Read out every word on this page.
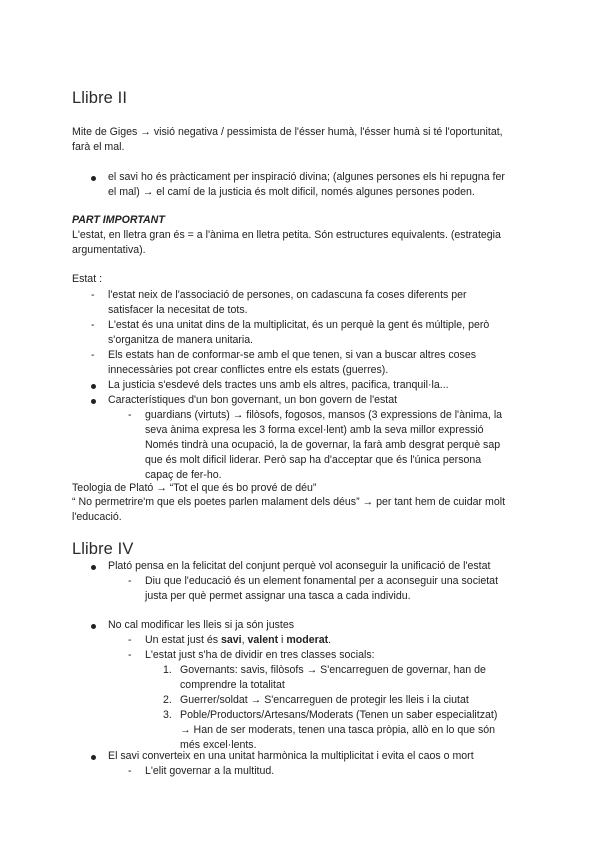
Llibre II
Mite de Giges → visió negativa / pessimista de l'ésser humà, l'ésser humà si té l'oportunitat,
farà el mal.
el savi ho és pràcticament per inspiració divina; (algunes persones els hi repugna fer
el mal) → el camí de la justicia és molt dificil, només algunes persones poden.
PART IMPORTANT
L'estat, en lletra gran és = a l'ànima en lletra petita. Són estructures equivalents. (estrategia
argumentativa).
Estat :
- l'estat neix de l'associació de persones, on cadascuna fa coses diferents per
satisfacer la necesitat de tots.
- L'estat és una unitat dins de la multiplicitat, és un perquè la gent és múltiple, però
s'organitza de manera unitaria.
- Els estats han de conformar-se amb el que tenen, si van a buscar altres coses
innecessàries pot crear conflictes entre els estats (guerres).
La justicia s'esdevé dels tractes uns amb els altres, pacifica, tranquil·la...
Característiques d'un bon governant, un bon govern de l'estat
- guardians (virtuts) → filòsofs, fogosos, mansos (3 expressions de l'ànima, la
seva ànima expresa les 3 forma excel·lent) amb la seva millor expressió
Només tindrà una ocupació, la de governar, la farà amb desgrat perquè sap
que és molt dificil liderar. Però sap ha d'acceptar que és l'única persona
capaç de fer-ho.
Teologia de Plató → “Tot el que és bo prové de déu”
“ No permetrire'm que els poetes parlen malament dels déus” → per tant hem de cuidar molt
l'educació.
Llibre IV
Plató pensa en la felicitat del conjunt perquè vol aconseguir la unificació de l'estat
- Diu que l'educació és un element fonamental per a aconseguir una societat
justa per què permet assignar una tasca a cada individu.
No cal modificar les lleis si ja són justes
- Un estat just és savi, valent i moderat.
- L'estat just s'ha de dividir en tres classes socials:
1. Governants: savis, filòsofs → S'encarreguen de governar, han de
comprendre la totalitat
2. Guerrer/soldat → S'encarreguen de protegir les lleis i la ciutat
3. Poble/Productors/Artesans/Moderats (Tenen un saber especialitzat)
→ Han de ser moderats, tenen una tasca pròpia, allò en lo que són
més excel·lents.
El savi converteix en una unitat harmònica la multiplicitat i evita el caos o mort
- L'elit governar a la multitud.
